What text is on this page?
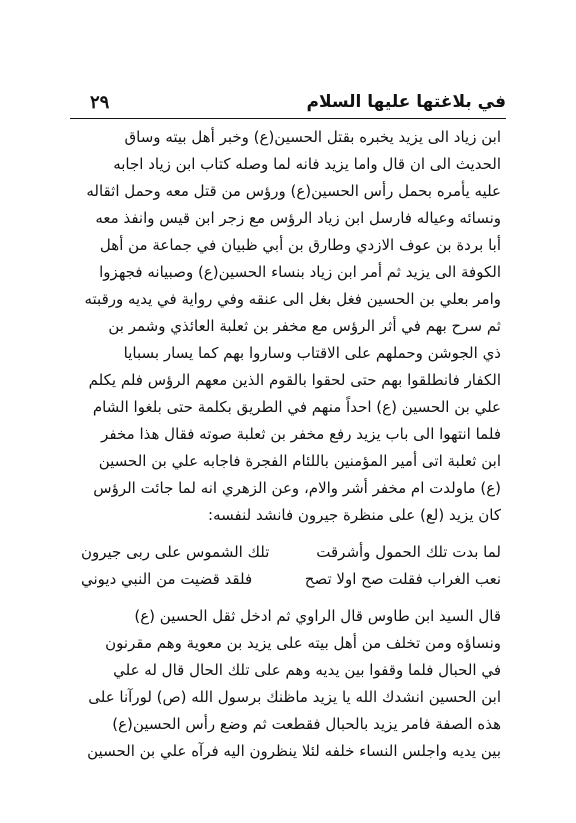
٢٩	في بلاغتها عليها السلام
ابن زياد الى يزيد يخبره بقتل الحسين(ع) وخبر أهل بيته وساق
الحديث الى ان قال واما يزيد فانه لما وصله كتاب ابن زياد اجابه
عليه يأمره بحمل رأس الحسين(ع) ورؤس من قتل معه وحمل اثقاله
ونسائه وعياله فارسل ابن زياد الرؤس مع زجر ابن قيس وانفذ معه
أبا بردة بن عوف الازدي وطارق بن أبي ظبيان في جماعة من أهل
الكوفة الى يزيد ثم أمر ابن زياد بنساء الحسين(ع) وصبيانه فجهزوا
وامر بعلي بن الحسين فغل بغل الى عنقه وفي رواية في يديه ورقبته
ثم سرح بهم في أثر الرؤس مع مخفر بن ثعلبة العائذي وشمر بن
ذي الجوشن وحملهم على الاقتاب وساروا بهم كما يسار بسبايا
الكفار فانطلقوا بهم حتى لحقوا بالقوم الذين معهم الرؤس فلم يكلم
علي بن الحسين (ع) احداً منهم في الطريق بكلمة حتى بلغوا الشام
فلما انتهوا الى باب يزيد رفع مخفر بن ثعلبة صوته فقال هذا مخفر
ابن ثعلبة اتى أمير المؤمنين باللئام الفجرة فاجابه علي بن الحسين
(ع) ماولدت ام مخفر أشر والام، وعن الزهري انه لما جائت الرؤس
كان يزيد (لع) على منظرة جيرون فانشد لنفسه:
لما بدت تلك الحمول وأشرقت
تلك الشموس على ربى جيرون
نعب الغراب فقلت صح اولا تصح
فلقد قضيت من النبي ديوني
قال السيد ابن طاوس قال الراوي ثم ادخل ثقل الحسين (ع)
ونساؤه ومن تخلف من أهل بيته على يزيد بن معوية وهم مقرنون
في الحبال فلما وقفوا بين يديه وهم على تلك الحال قال له علي
ابن الحسين انشدك الله يا يزيد ماظنك برسول الله (ص) لورآنا على
هذه الصفة فامر يزيد بالحبال فقطعت ثم وضع رأس الحسين(ع)
بين يديه واجلس النساء خلفه لئلا ينظرون اليه فرآه علي بن الحسين
